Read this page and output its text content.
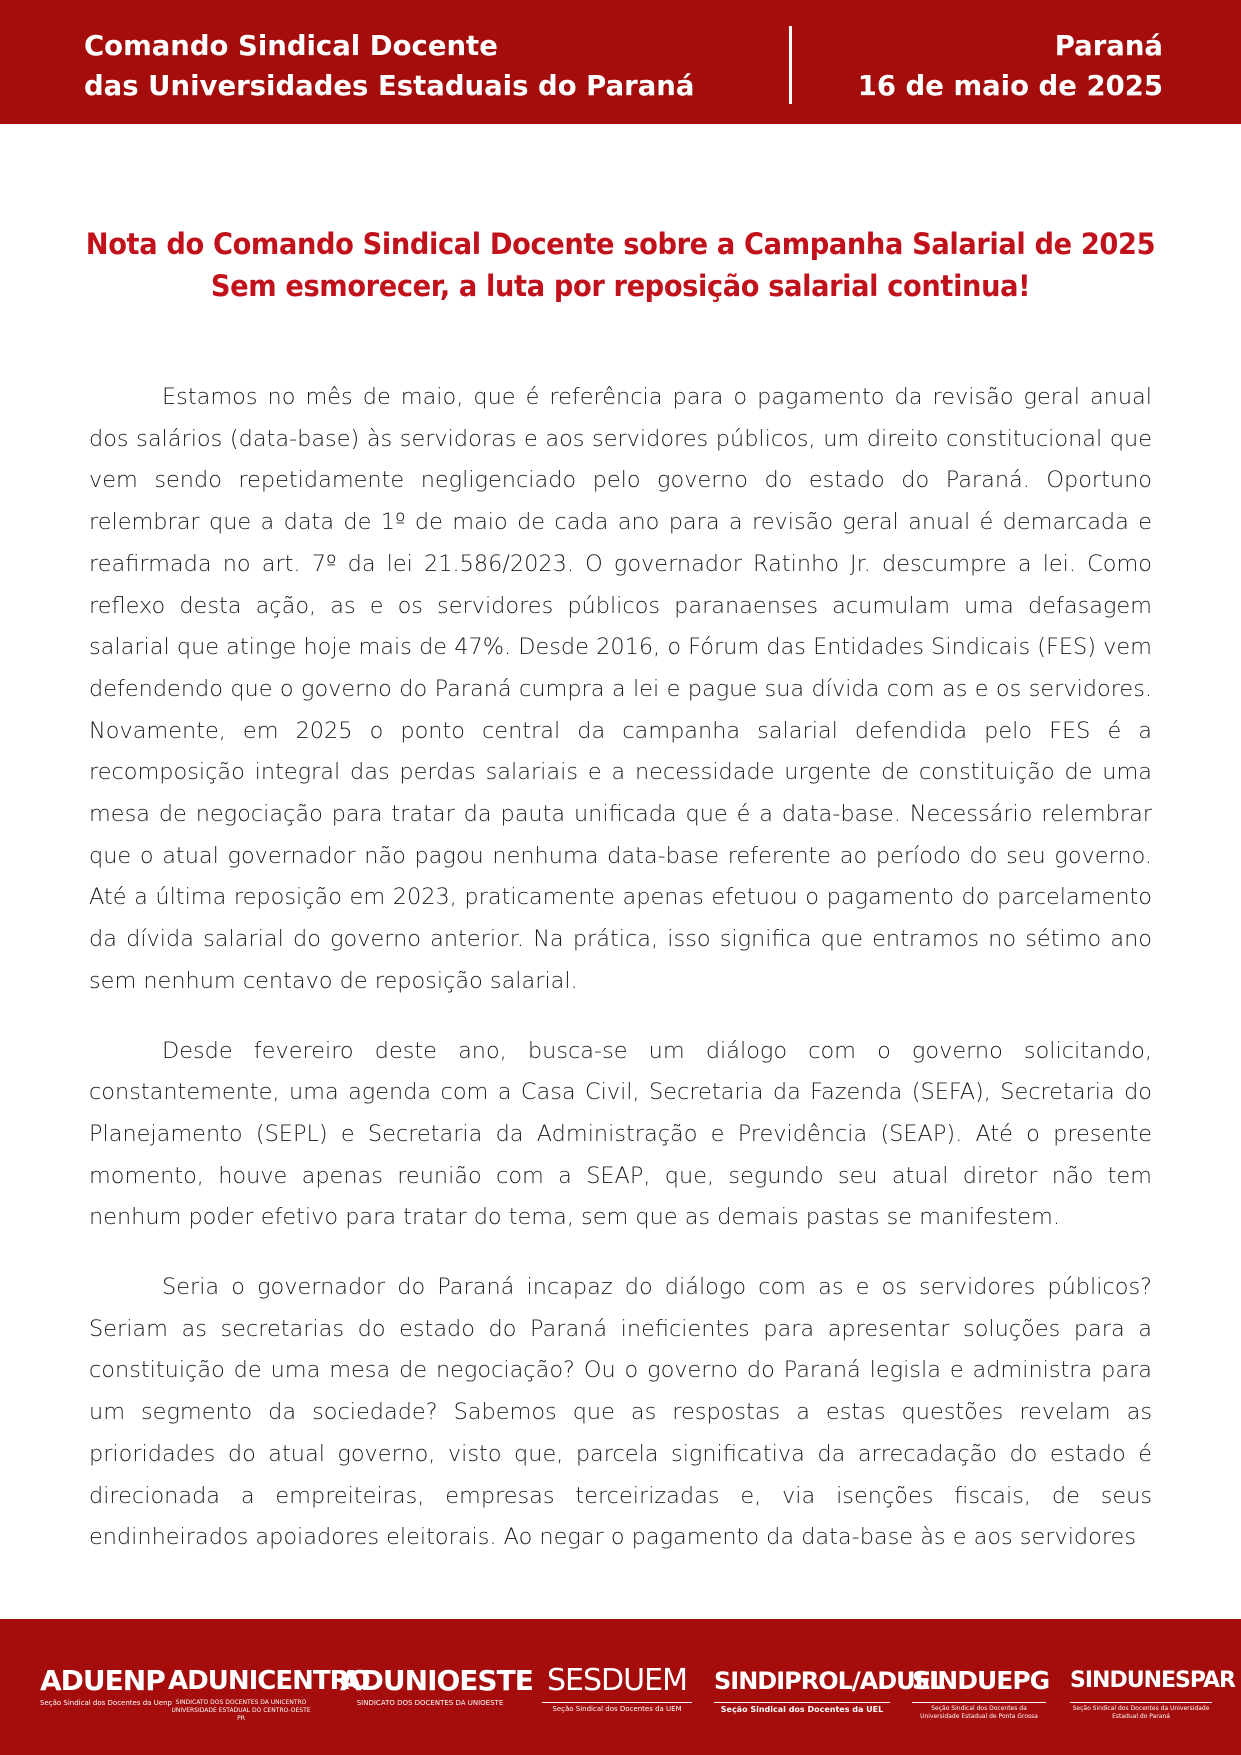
Comando Sindical Docente
das Universidades Estaduais do Paraná
Paraná
16 de maio de 2025
Nota do Comando Sindical Docente sobre a Campanha Salarial de 2025
Sem esmorecer, a luta por reposição salarial continua!

Estamos no mês de maio, que é referência para o pagamento da revisão geral anual dos salários (data-base) às servidoras e aos servidores públicos, um direito constitucional que vem sendo repetidamente negligenciado pelo governo do estado do Paraná. Oportuno relembrar que a data de 1º de maio de cada ano para a revisão geral anual é demarcada e reafirmada no art. 7º da lei 21.586/2023. O governador Ratinho Jr. descumpre a lei. Como reflexo desta ação, as e os servidores públicos paranaenses acumulam uma defasagem salarial que atinge hoje mais de 47%. Desde 2016, o Fórum das Entidades Sindicais (FES) vem defendendo que o governo do Paraná cumpra a lei e pague sua dívida com as e os servidores. Novamente, em 2025 o ponto central da campanha salarial defendida pelo FES é a recomposição integral das perdas salariais e a necessidade urgente de constituição de uma mesa de negociação para tratar da pauta unificada que é a data-base. Necessário relembrar que o atual governador não pagou nenhuma data-base referente ao período do seu governo. Até a última reposição em 2023, praticamente apenas efetuou o pagamento do parcelamento da dívida salarial do governo anterior. Na prática, isso significa que entramos no sétimo ano sem nenhum centavo de reposição salarial.

Desde fevereiro deste ano, busca-se um diálogo com o governo solicitando, constantemente, uma agenda com a Casa Civil, Secretaria da Fazenda (SEFA), Secretaria do Planejamento (SEPL) e Secretaria da Administração e Previdência (SEAP). Até o presente momento, houve apenas reunião com a SEAP, que, segundo seu atual diretor não tem nenhum poder efetivo para tratar do tema, sem que as demais pastas se manifestem.

Seria o governador do Paraná incapaz do diálogo com as e os servidores públicos? Seriam as secretarias do estado do Paraná ineficientes para apresentar soluções para a constituição de uma mesa de negociação? Ou o governo do Paraná legisla e administra para um segmento da sociedade? Sabemos que as respostas a estas questões revelam as prioridades do atual governo, visto que, parcela significativa da arrecadação do estado é direcionada a empreiteiras, empresas terceirizadas e, via isenções fiscais, de seus endinheirados apoiadores eleitorais. Ao negar o pagamento da data-base às e aos servidores

ADUENP
Seção Sindical dos Docentes da Uenp
ADUNICENTRO
SINDICATO DOS DOCENTES DA UNICENTRO UNIVERSIDADE ESTADUAL DO CENTRO-OESTE PR
ADUNIOESTE
SINDICATO DOS DOCENTES DA UNIOESTE
SESDUEM
Seção Sindical dos Docentes da UEM
SINDIPROL/ADUEL
Seção Sindical dos Docentes da UEL
SINDUEPG
Seção Sindical dos Docentes da Universidade Estadual de Ponta Grossa
SINDUNESPAR
Seção Sindical dos Docentes da Universidade Estadual do Paraná
